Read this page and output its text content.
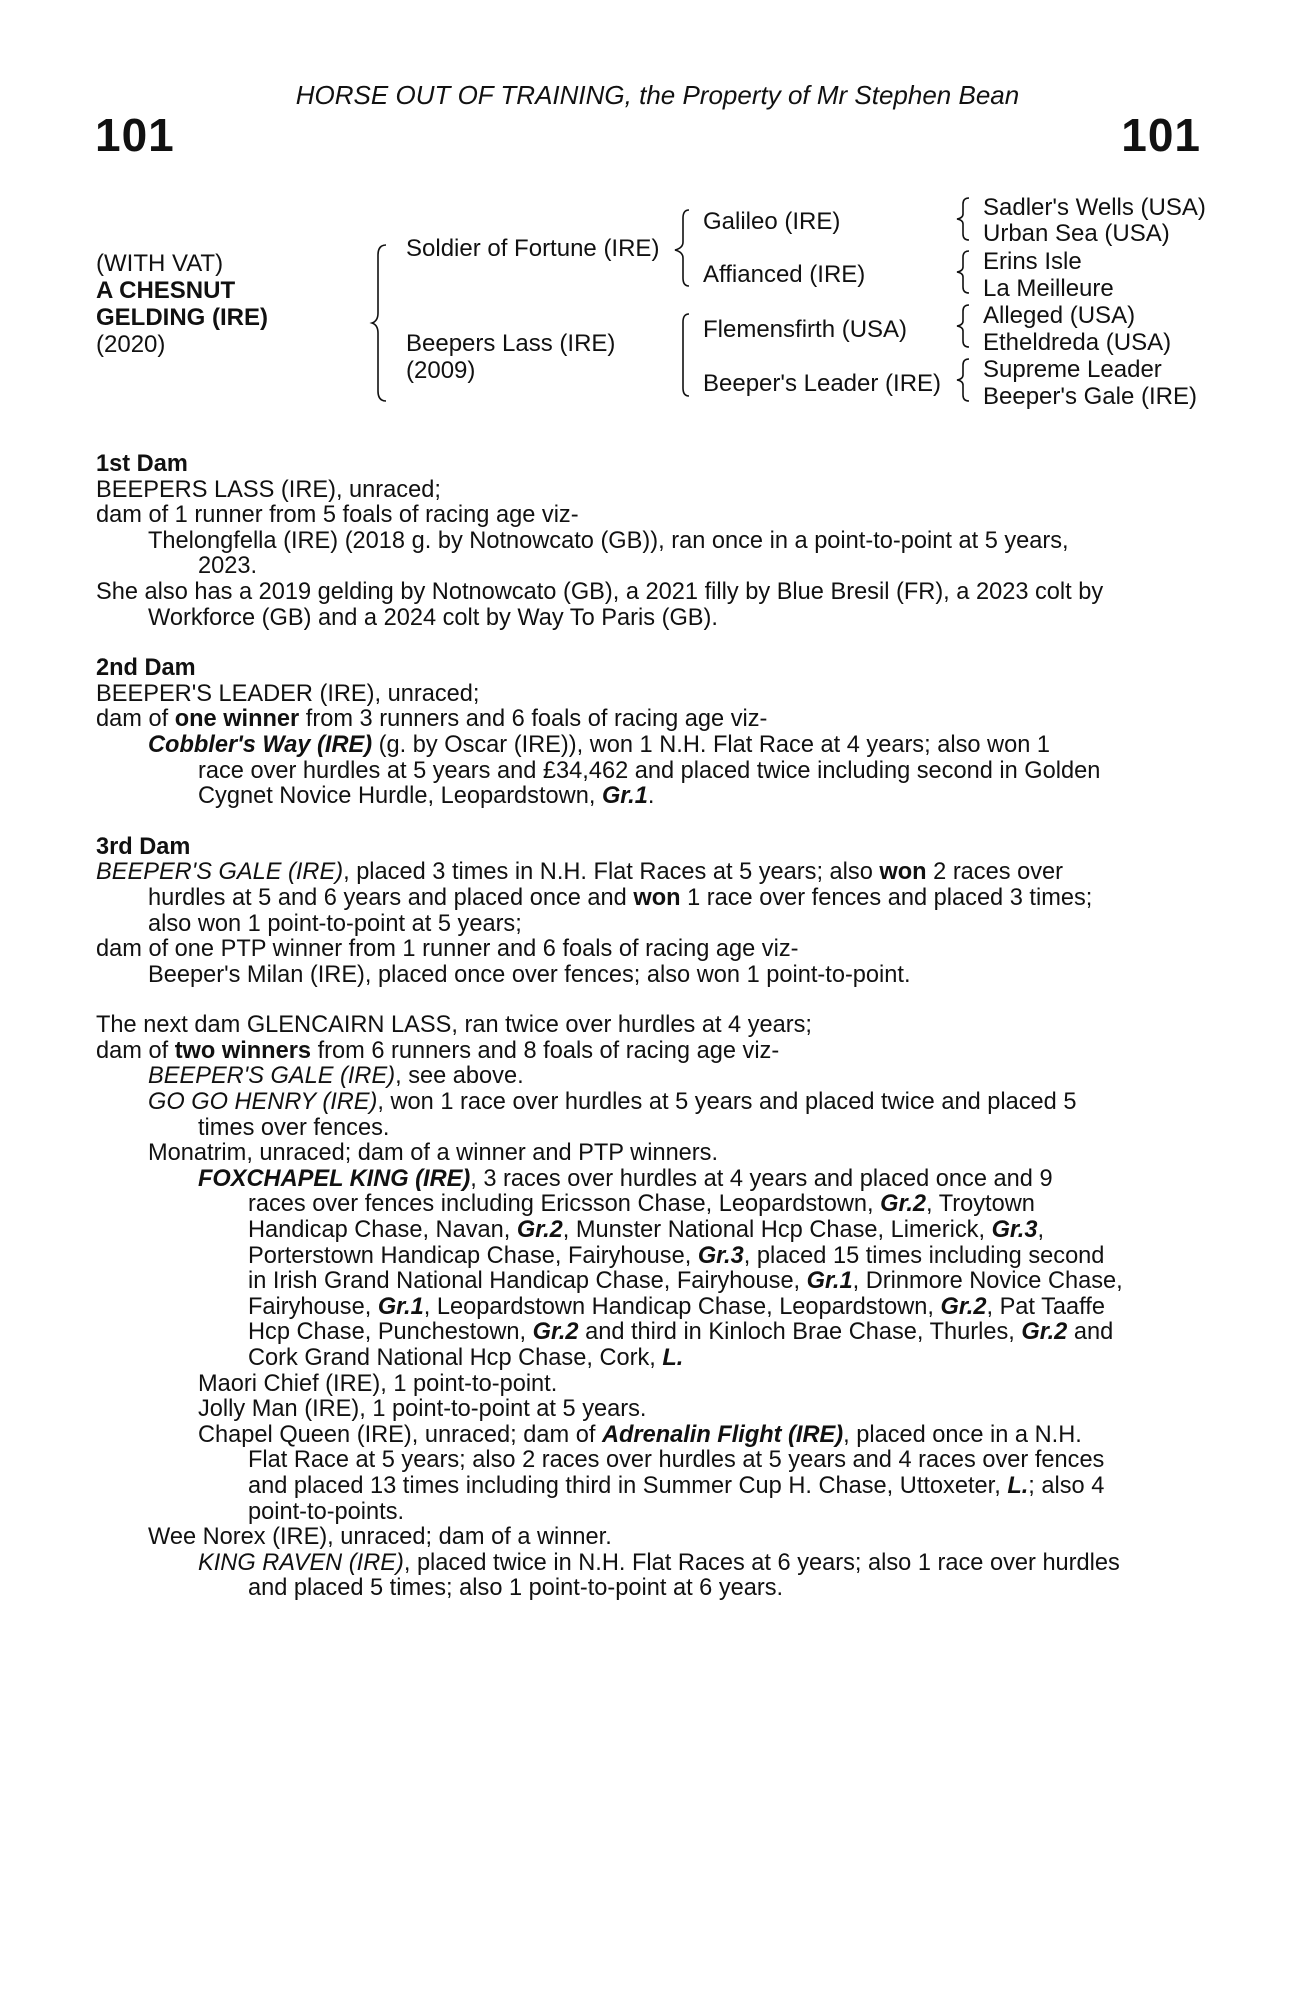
HORSE OUT OF TRAINING, the Property of Mr Stephen Bean
101	101
(WITH VAT)
A CHESNUT
GELDING (IRE)
(2020)
Soldier of Fortune (IRE)
Beepers Lass (IRE)
(2009)
Galileo (IRE)
Affianced (IRE)
Flemensfirth (USA)
Beeper's Leader (IRE)
Sadler's Wells (USA)
Urban Sea (USA)
Erins Isle
La Meilleure
Alleged (USA)
Etheldreda (USA)
Supreme Leader
Beeper's Gale (IRE)

1st Dam

BEEPERS LASS (IRE), unraced;

dam of 1 runner from 5 foals of racing age viz-

Thelongfella (IRE) (2018 g. by Notnowcato (GB)), ran once in a point-to-point at 5 years,

2023.

She also has a 2019 gelding by Notnowcato (GB), a 2021 filly by Blue Bresil (FR), a 2023 colt by

Workforce (GB) and a 2024 colt by Way To Paris (GB).

2nd Dam

BEEPER'S LEADER (IRE), unraced;

dam of one winner from 3 runners and 6 foals of racing age viz-

Cobbler's Way (IRE) (g. by Oscar (IRE)), won 1 N.H. Flat Race at 4 years; also won 1

race over hurdles at 5 years and £34,462 and placed twice including second in Golden

Cygnet Novice Hurdle, Leopardstown, Gr.1.

3rd Dam

BEEPER'S GALE (IRE), placed 3 times in N.H. Flat Races at 5 years; also won 2 races over

hurdles at 5 and 6 years and placed once and won 1 race over fences and placed 3 times;

also won 1 point-to-point at 5 years;

dam of one PTP winner from 1 runner and 6 foals of racing age viz-

Beeper's Milan (IRE), placed once over fences; also won 1 point-to-point.

The next dam GLENCAIRN LASS, ran twice over hurdles at 4 years;

dam of two winners from 6 runners and 8 foals of racing age viz-

BEEPER'S GALE (IRE), see above.

GO GO HENRY (IRE), won 1 race over hurdles at 5 years and placed twice and placed 5

times over fences.

Monatrim, unraced; dam of a winner and PTP winners.

FOXCHAPEL KING (IRE), 3 races over hurdles at 4 years and placed once and 9

races over fences including Ericsson Chase, Leopardstown, Gr.2, Troytown

Handicap Chase, Navan, Gr.2, Munster National Hcp Chase, Limerick, Gr.3,

Porterstown Handicap Chase, Fairyhouse, Gr.3, placed 15 times including second

in Irish Grand National Handicap Chase, Fairyhouse, Gr.1, Drinmore Novice Chase,

Fairyhouse, Gr.1, Leopardstown Handicap Chase, Leopardstown, Gr.2, Pat Taaffe

Hcp Chase, Punchestown, Gr.2 and third in Kinloch Brae Chase, Thurles, Gr.2 and

Cork Grand National Hcp Chase, Cork, L.

Maori Chief (IRE), 1 point-to-point.

Jolly Man (IRE), 1 point-to-point at 5 years.

Chapel Queen (IRE), unraced; dam of Adrenalin Flight (IRE), placed once in a N.H.

Flat Race at 5 years; also 2 races over hurdles at 5 years and 4 races over fences

and placed 13 times including third in Summer Cup H. Chase, Uttoxeter, L.; also 4

point-to-points.

Wee Norex (IRE), unraced; dam of a winner.

KING RAVEN (IRE), placed twice in N.H. Flat Races at 6 years; also 1 race over hurdles

and placed 5 times; also 1 point-to-point at 6 years.
